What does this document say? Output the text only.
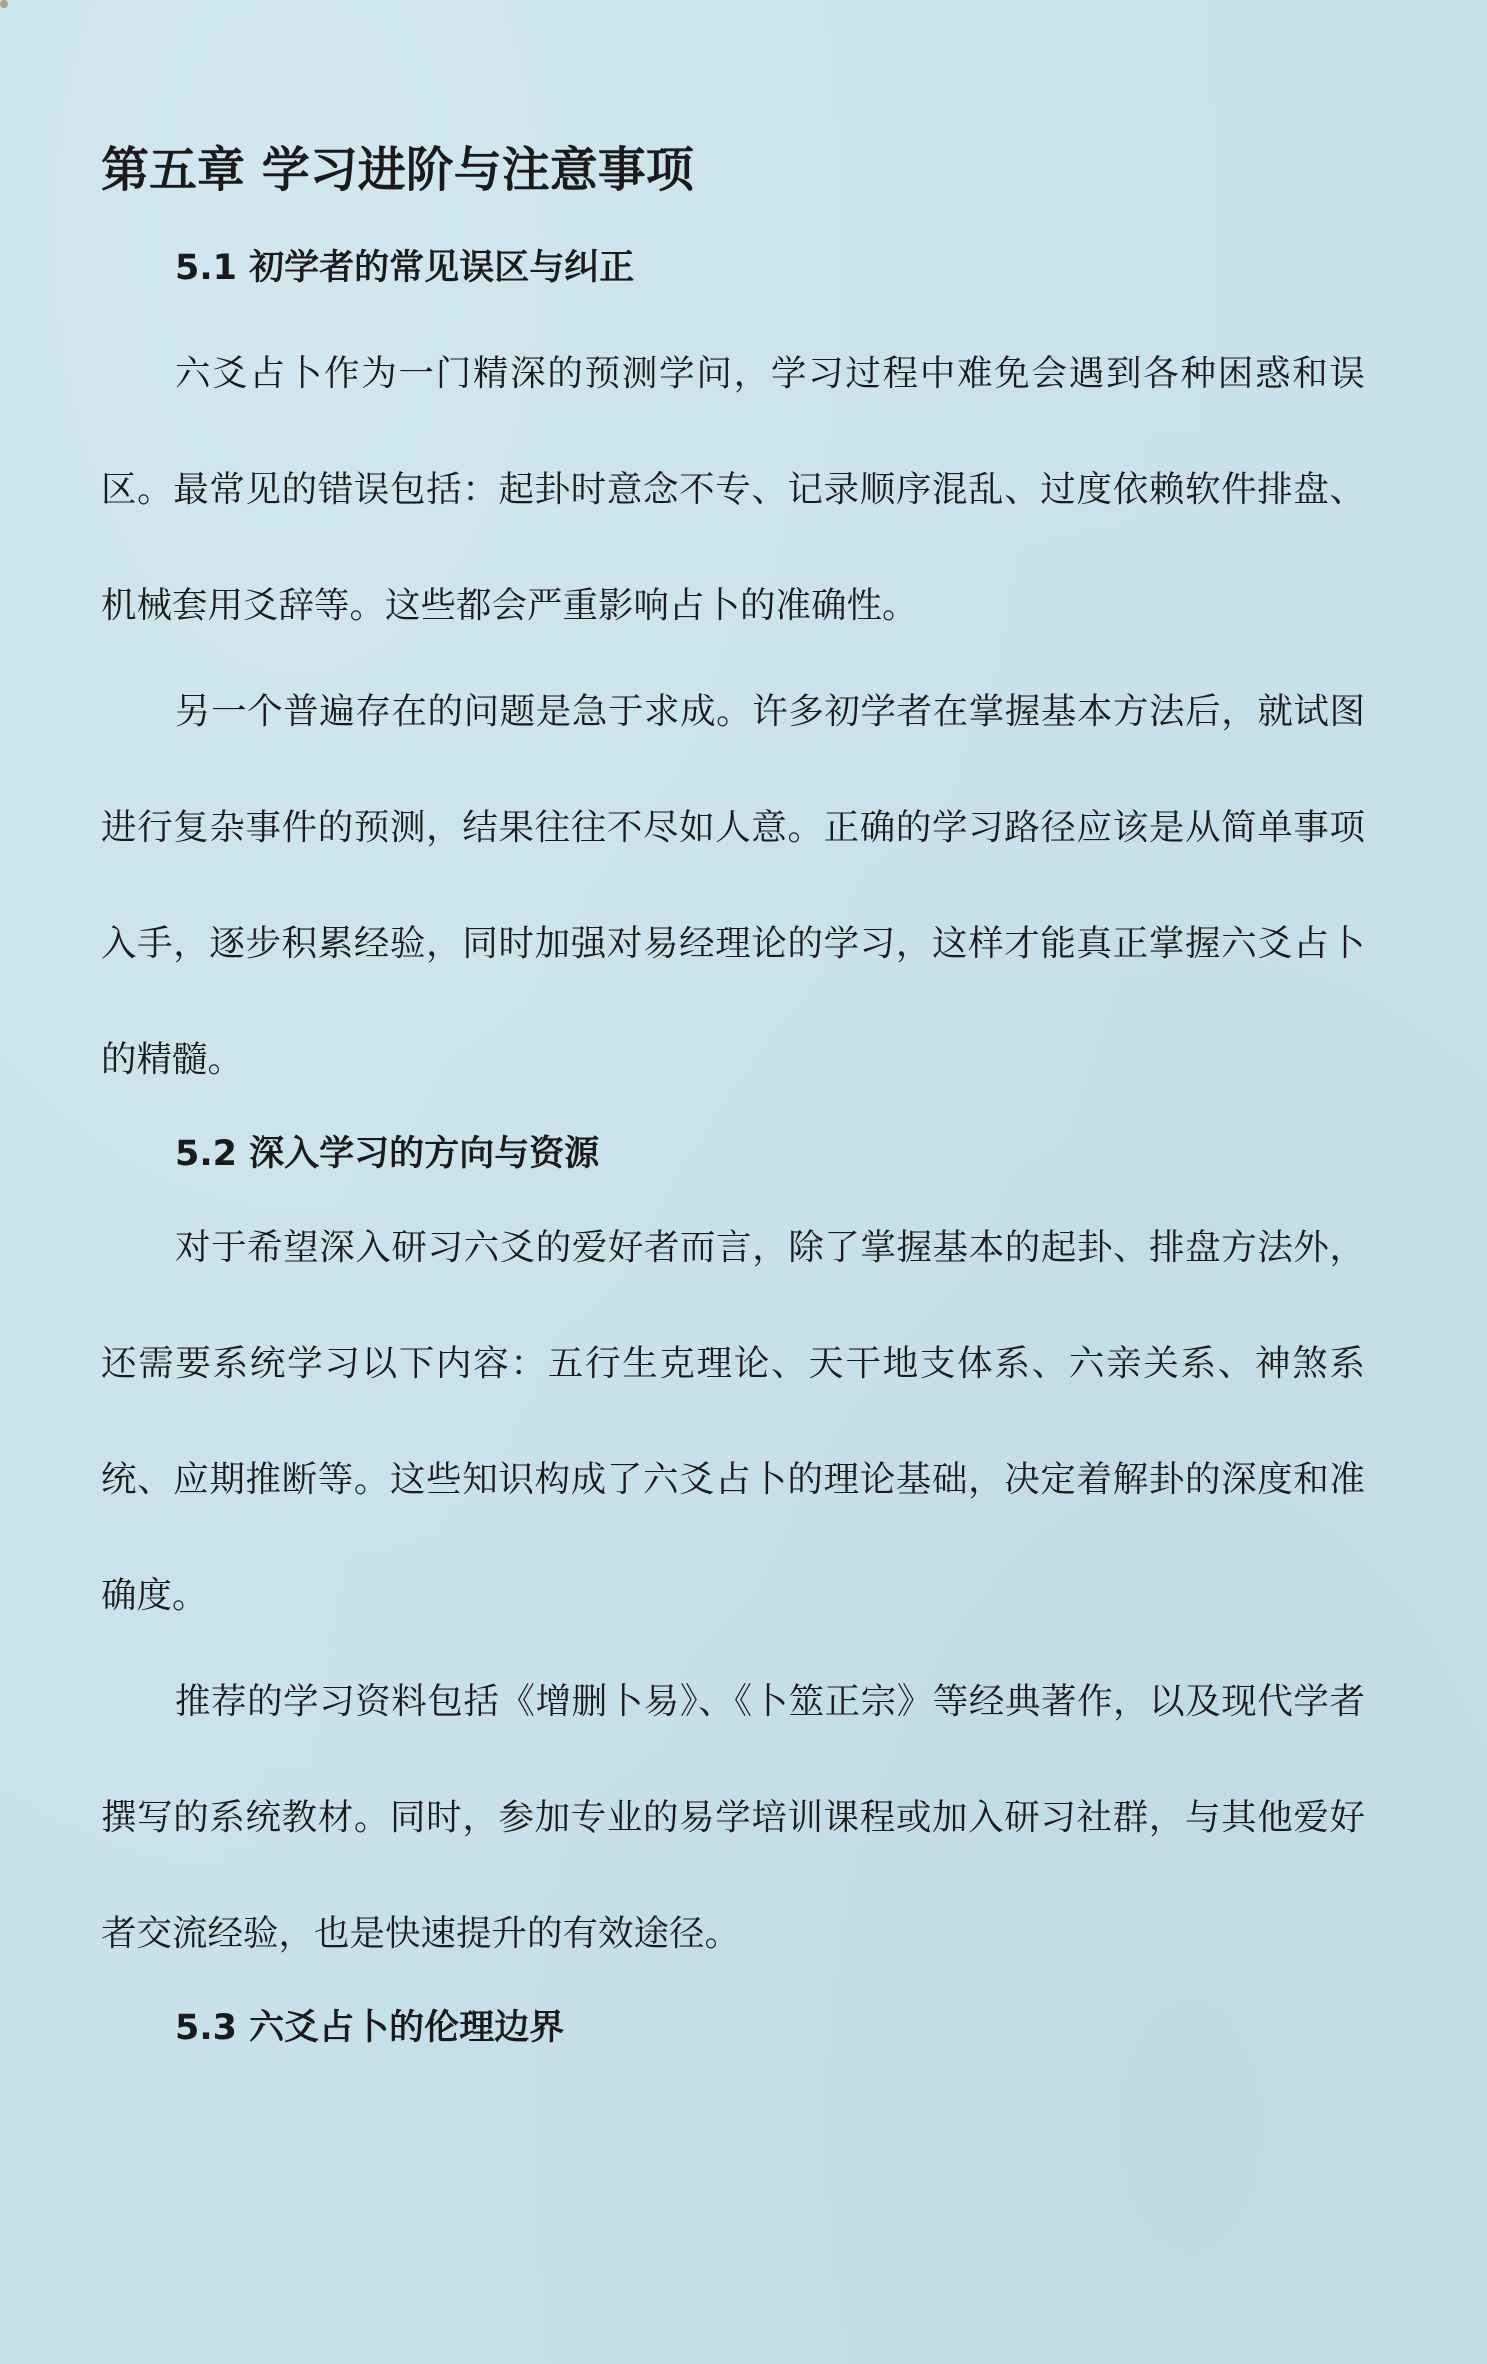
第五章 学习进阶与注意事项
5.1 初学者的常见误区与纠正

六爻占卜作为一门精深的预测学问，学习过程中难免会遇到各种困惑和误区。最常见的错误包括：起卦时意念不专、记录顺序混乱、过度依赖软件排盘、机械套用爻辞等。这些都会严重影响占卜的准确性。

另一个普遍存在的问题是急于求成。许多初学者在掌握基本方法后，就试图进行复杂事件的预测，结果往往不尽如人意。正确的学习路径应该是从简单事项入手，逐步积累经验，同时加强对易经理论的学习，这样才能真正掌握六爻占卜的精髓。

5.2 深入学习的方向与资源

对于希望深入研习六爻的爱好者而言，除了掌握基本的起卦、排盘方法外，还需要系统学习以下内容：五行生克理论、天干地支体系、六亲关系、神煞系统、应期推断等。这些知识构成了六爻占卜的理论基础，决定着解卦的深度和准确度。

推荐的学习资料包括《增删卜易》、《卜筮正宗》等经典著作，以及现代学者撰写的系统教材。同时，参加专业的易学培训课程或加入研习社群，与其他爱好者交流经验，也是快速提升的有效途径。

5.3 六爻占卜的伦理边界
